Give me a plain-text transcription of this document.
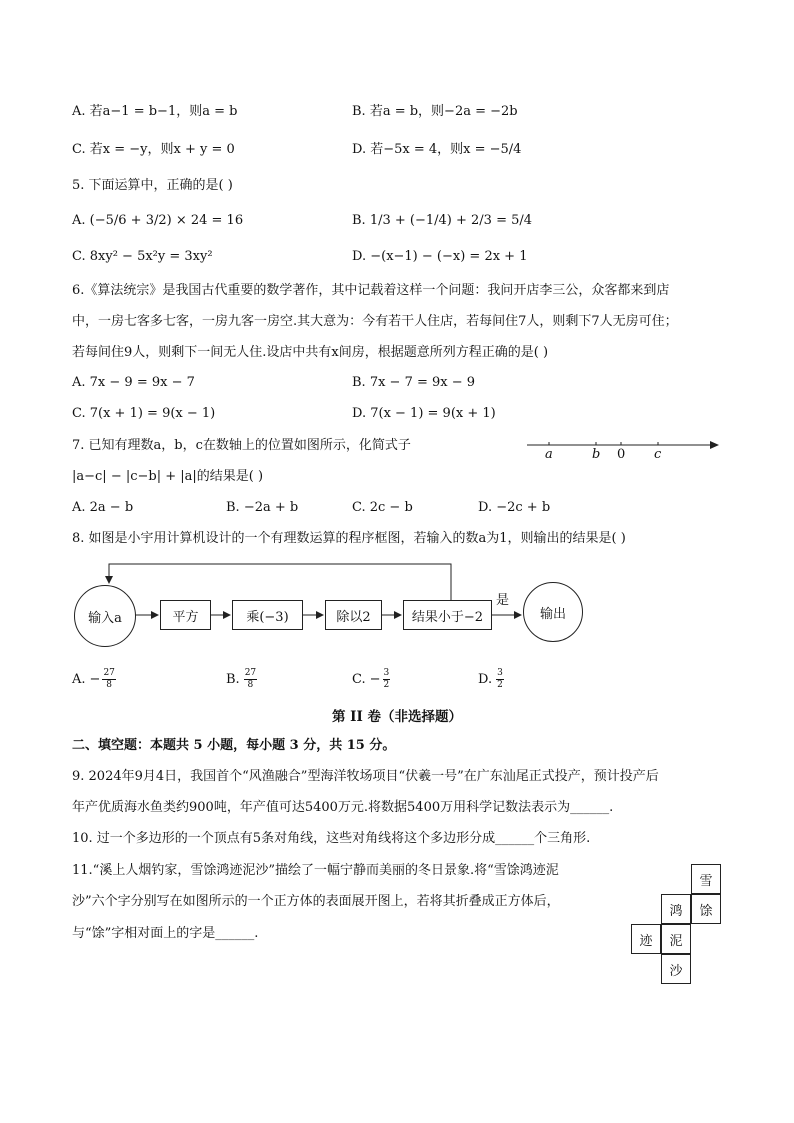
A. 若a−1 = b−1，则a = b	B. 若a = b，则−2a = −2b
C. 若x = −y，则x + y = 0	D. 若−5x = 4，则x = −5/4
5. 下面运算中，正确的是( )
A. (−5/6 + 3/2) × 24 = 16	B. 1/3 + (−1/4) + 2/3 = 5/4
C. 8xy² − 5x²y = 3xy²	D. −(x−1) − (−x) = 2x + 1
6.《算法统宗》是我国古代重要的数学著作，其中记载着这样一个问题：我问开店李三公，众客都来到店
中，一房七客多七客，一房九客一房空.其大意为：今有若干人住店，若每间住7人，则剩下7人无房可住；
若每间住9人，则剩下一间无人住.设店中共有x间房，根据题意所列方程正确的是( )
A. 7x − 9 = 9x − 7	B. 7x − 7 = 9x − 9
C. 7(x + 1) = 9(x − 1)	D. 7(x − 1) = 9(x + 1)
7. 已知有理数a，b，c在数轴上的位置如图所示，化简式子
|a−c| − |c−b| + |a|的结果是( )
A. 2a − b	B. −2a + b	C. 2c − b	D. −2c + b
a	b 0 c
8. 如图是小宇用计算机设计的一个有理数运算的程序框图，若输入的数a为1，则输出的结果是( )
输入a	平方	乘(−3)	除以2	结果小于−2
是
输出
A. − $\frac{27}{8}$	B. $\frac{27}{8}$	C. − $\frac{3}{2}$	D. $\frac{3}{2}$
第 II 卷（非选择题）
二、填空题：本题共 5 小题，每小题 3 分，共 15 分。
9. 2024年9月4日，我国首个“风渔融合”型海洋牧场项目“伏羲一号”在广东汕尾正式投产，预计投产后
年产优质海水鱼类约900吨，年产值可达5400万元.将数据5400万用科学记数法表示为______.
10. 过一个多边形的一个顶点有5条对角线，这些对角线将这个多边形分成______个三角形.
11.“溪上人烟钓家，雪馀鸿迹泥沙”描绘了一幅宁静而美丽的冬日景象.将“雪馀鸿迹泥
沙”六个字分别写在如图所示的一个正方体的表面展开图上，若将其折叠成正方体后，
与“馀”字相对面上的字是______.
雪
鸿	馀
迹	泥
沙
